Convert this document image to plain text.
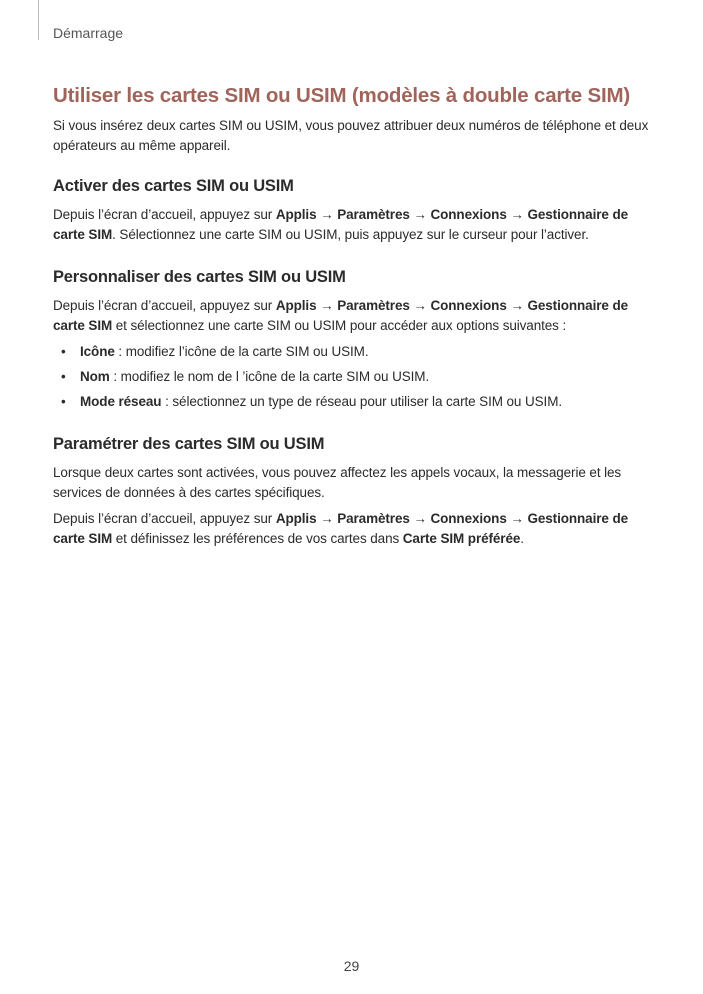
Démarrage
Utiliser les cartes SIM ou USIM (modèles à double carte SIM)

Si vous insérez deux cartes SIM ou USIM, vous pouvez attribuer deux numéros de téléphone et deux opérateurs au même appareil.

Activer des cartes SIM ou USIM

Depuis l’écran d’accueil, appuyez sur Applis → Paramètres → Connexions → Gestionnaire de carte SIM. Sélectionnez une carte SIM ou USIM, puis appuyez sur le curseur pour l’activer.

Personnaliser des cartes SIM ou USIM

Depuis l’écran d’accueil, appuyez sur Applis → Paramètres → Connexions → Gestionnaire de carte SIM et sélectionnez une carte SIM ou USIM pour accéder aux options suivantes :

• Icône : modifiez l’icône de la carte SIM ou USIM.
• Nom : modifiez le nom de l ’icône de la carte SIM ou USIM.
• Mode réseau : sélectionnez un type de réseau pour utiliser la carte SIM ou USIM.
Paramétrer des cartes SIM ou USIM

Lorsque deux cartes sont activées, vous pouvez affectez les appels vocaux, la messagerie et les services de données à des cartes spécifiques.

Depuis l’écran d’accueil, appuyez sur Applis → Paramètres → Connexions → Gestionnaire de carte SIM et définissez les préférences de vos cartes dans Carte SIM préférée.

29
